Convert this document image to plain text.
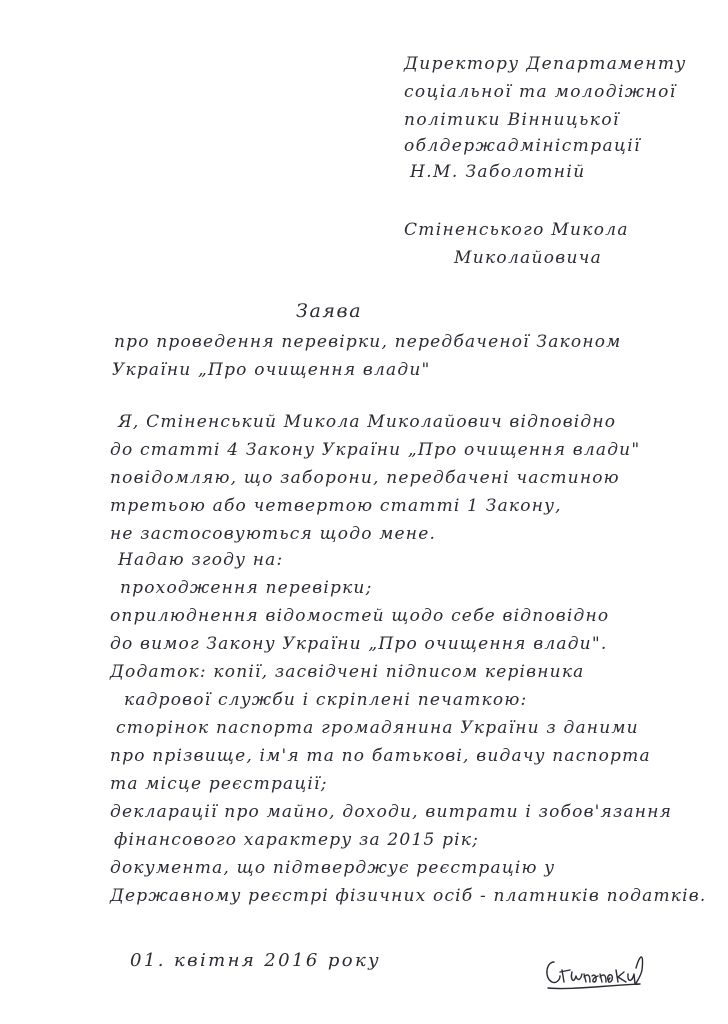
Директору Департаменту
соціальної та молодіжної
політики Вінницької
облдержадміністрації
Н.М. Заболотній
Стіненського Микола
Миколайовича
Заява
про проведення перевірки, передбаченої Законом
України „Про очищення влади"
Я, Стіненський Микола Миколайович відповідно
до статті 4 Закону України „Про очищення влади"
повідомляю, що заборони, передбачені частиною
третьою або четвертою статті 1 Закону,
не застосовуються щодо мене.
Надаю згоду на:
проходження перевірки;
оприлюднення відомостей щодо себе відповідно
до вимог Закону України „Про очищення влади".
Додаток: копії, засвідчені підписом керівника
кадрової служби і скріплені печаткою:
сторінок паспорта громадянина України з даними
про прізвище, ім'я та по батькові, видачу паспорта
та місце реєстрації;
декларації про майно, доходи, витрати і зобов'язання
фінансового характеру за 2015 рік;
документа, що підтверджує реєстрацію у
Державному реєстрі фізичних осіб - платників податків.
01. квітня 2016 року
